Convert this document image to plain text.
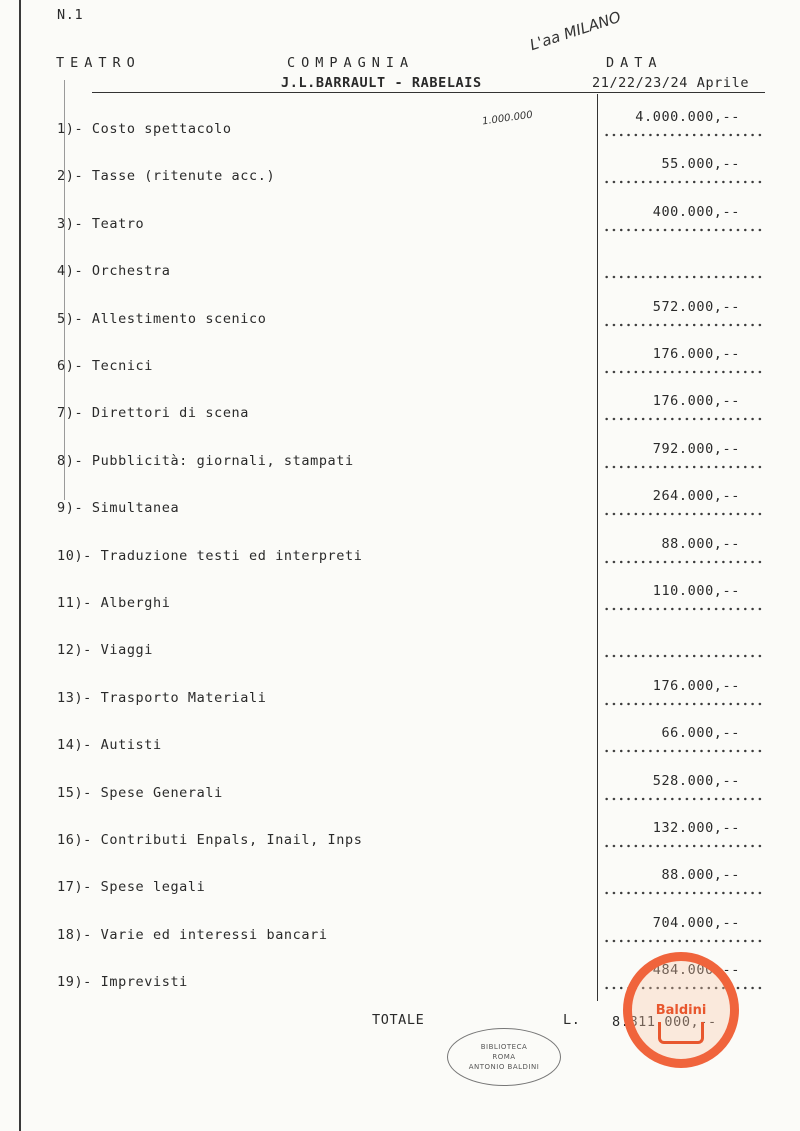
N.1
TEATRO	COMPAGNIA	DATA
L'aa MILANO
1.000.000
J.L.BARRAULT - RABELAIS	21/22/23/24 Aprile
1)- Costo spettacolo
4.000.000,--
2)- Tasse (ritenute acc.)
55.000,--
3)- Teatro
400.000,--
4)- Orchestra
5)- Allestimento scenico
572.000,--
6)- Tecnici
176.000,--
7)- Direttori di scena
176.000,--
8)- Pubblicità: giornali, stampati
792.000,--
9)- Simultanea
264.000,--
10)- Traduzione testi ed interpreti
88.000,--
11)- Alberghi
110.000,--
12)- Viaggi
13)- Trasporto Materiali
176.000,--
14)- Autisti
66.000,--
15)- Spese Generali
528.000,--
16)- Contributi Enpals, Inail, Inps
132.000,--
17)- Spese legali
88.000,--
18)- Varie ed interessi bancari
704.000,--
19)- Imprevisti
484.000,--
TOTALE	L. 8.811.000,--
BIBLIOTECA
ROMA
ANTONIO BALDINI
Baldini
